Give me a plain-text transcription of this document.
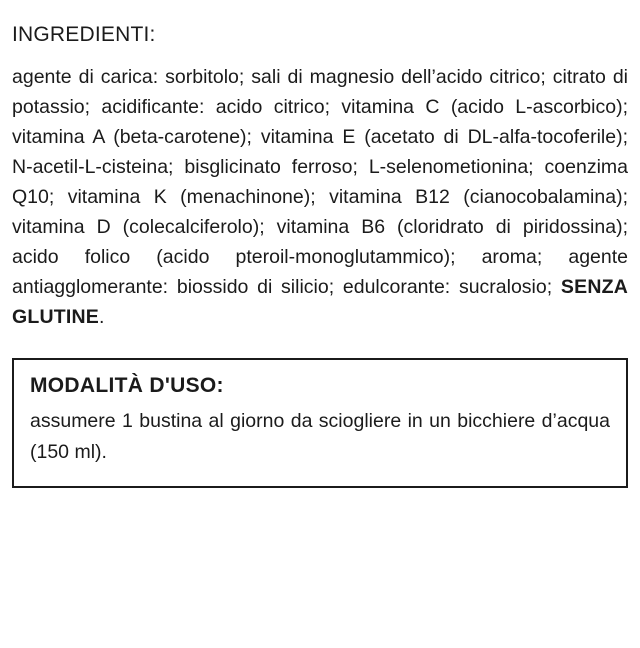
INGREDIENTI:

agente di carica: sorbitolo; sali di magnesio dell’acido citrico; citrato di potassio; acidificante: acido citrico; vitamina C (acido L-ascorbico); vitamina A (beta-carotene); vitamina E (acetato di DL-alfa-tocoferile); N-acetil-L-cisteina; bisglicinato ferroso; L-selenometionina; coenzima Q10; vitamina K (menachinone); vitamina B12 (cianocobalamina); vitamina D (colecalciferolo); vitamina B6 (cloridrato di piridossina); acido folico (acido pteroil-monoglutammico); aroma; agente antiagglomerante: biossido di silicio; edulcorante: sucralosio; SENZA GLUTINE.

MODALITÀ D'USO:

assumere 1 bustina al giorno da sciogliere in un bicchiere d’acqua (150 ml).
